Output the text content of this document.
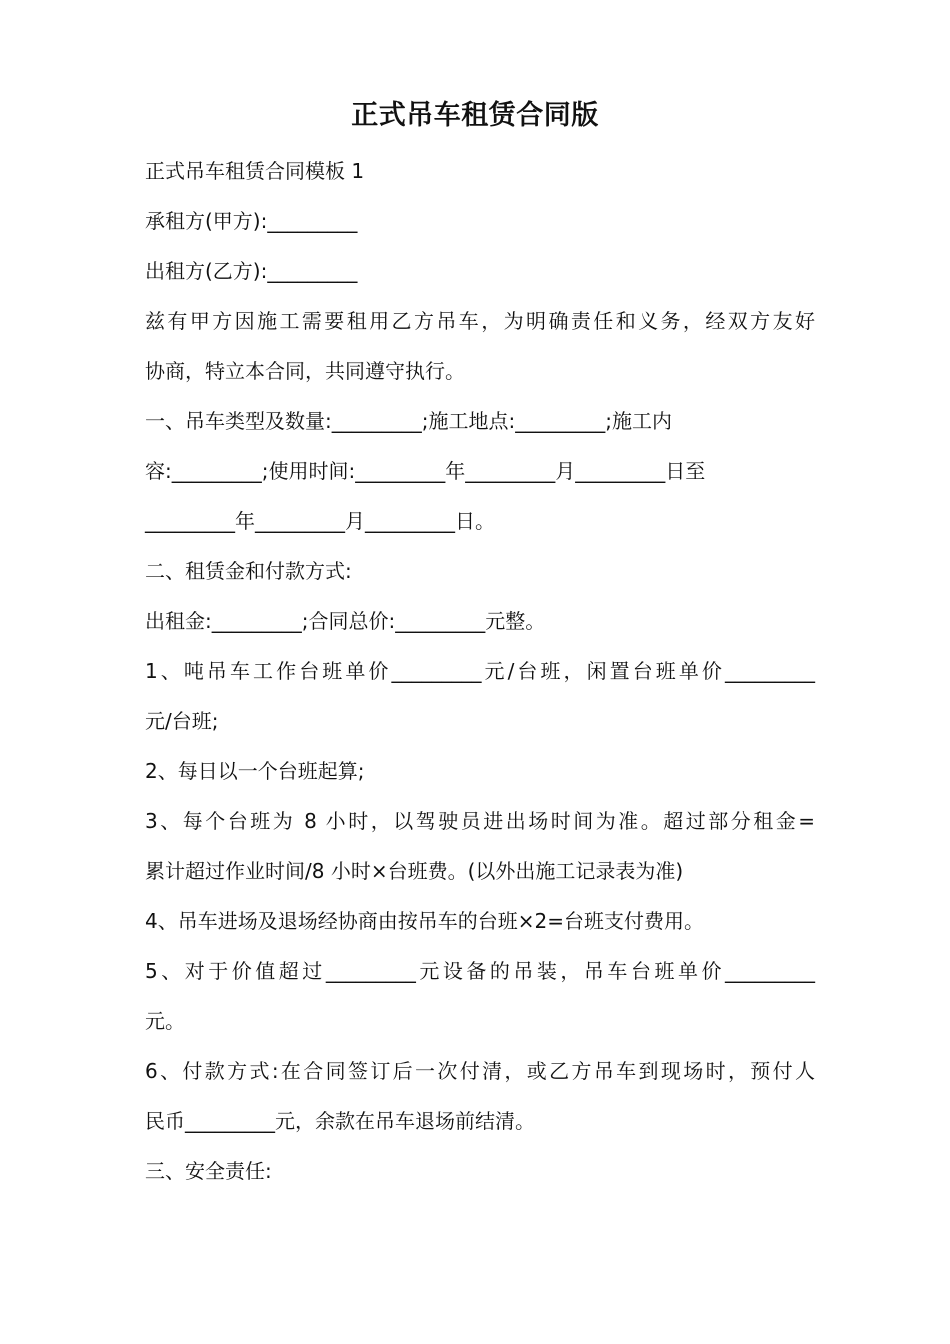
正式吊车租赁合同版
正式吊车租赁合同模板 1
承租方(甲方):_________
出租方(乙方):_________
兹有甲方因施工需要租用乙方吊车，为明确责任和义务，经双方友好
协商，特立本合同，共同遵守执行。
一、吊车类型及数量:_________;施工地点:_________;施工内
容:_________;使用时间:_________年_________月_________日至
_________年_________月_________日。
二、租赁金和付款方式:
出租金:_________;合同总价:_________元整。
1、吨吊车工作台班单价_________元/台班，闲置台班单价_________
元/台班;
2、每日以一个台班起算;
3、每个台班为 8 小时，以驾驶员进出场时间为准。超过部分租金=
累计超过作业时间/8 小时×台班费。(以外出施工记录表为准)
4、吊车进场及退场经协商由按吊车的台班×2=台班支付费用。
5、对于价值超过_________元设备的吊装，吊车台班单价_________
元。
6、付款方式:在合同签订后一次付清，或乙方吊车到现场时，预付人
民币_________元，余款在吊车退场前结清。
三、安全责任:
